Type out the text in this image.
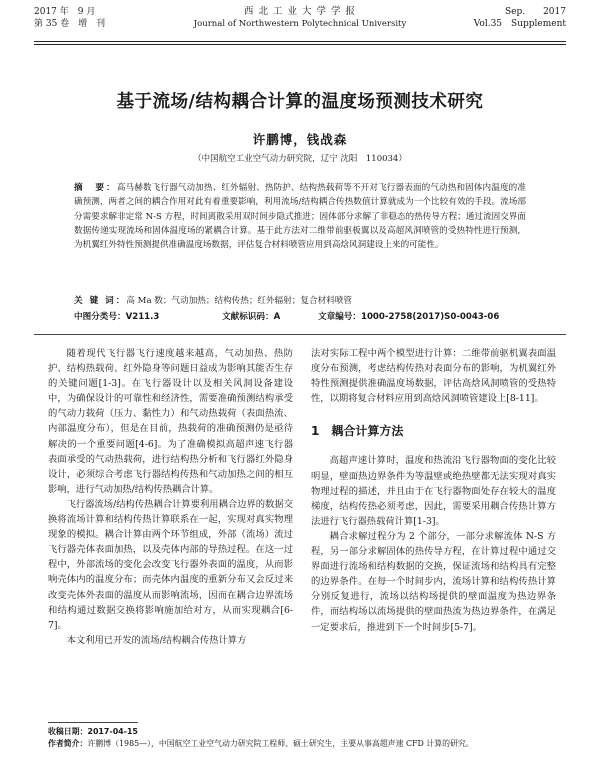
2017 年　9 月
第 35 卷　增　刊
西 北 工 业 大 学 学 报
Journal of Northwestern Polytechnical University
Sep.　　2017
Vol.35　Supplement
基于流场/结构耦合计算的温度场预测技术研究
许鹏博，钱战森
（中国航空工业空气动力研究院，辽宁 沈阳　110034）
摘　要：高马赫数飞行器气动加热、红外辐射、热防护、结构热载荷等不开对飞行器表面的气动热和固体内温度的准确预测，两者之间的耦合作用对此有着重要影响，利用流场/结构耦合传热数值计算就成为一个比较有效的手段。流场部分需要求解非定常 N-S 方程，时间离散采用双时间步隐式推进；固体部分求解了非稳态的热传导方程；通过流固交界面数据传递实现流场和固体温度场的紧耦合计算。基于此方法对二维带前驱板翼以及高超风洞喷管的受热特性进行预测，为机翼红外特性预测提供准确温度场数据，评估复合材料喷管应用到高焓风洞建设上来的可能性。
关 键 词：高 Ma 数；气动加热；结构传热；红外辐射；复合材料喷管
中图分类号：V211.3	文献标识码：A	文章编号：1000-2758(2017)S0-0043-06

随着现代飞行器飞行速度越来越高，气动加热、热防护、结构热载荷、红外隐身等问题日益成为影响其能否生存的关键问题[1-3]。在飞行器设计以及相关风洞设备建设中，为确保设计的可靠性和经济性，需要准确预测结构承受的气动力载荷（压力、黏性力）和气动热载荷（表面热流、内部温度分布），但是在目前，热载荷的准确预测仍是亟待解决的一个重要问题[4-6]。为了准确模拟高超声速飞行器表面承受的气动热载荷，进行结构热分析和飞行器红外隐身设计，必须综合考虑飞行器结构传热和气动加热之间的相互影响，进行气动加热/结构传热耦合计算。

飞行器流场/结构传热耦合计算要利用耦合边界的数据交换将流场计算和结构传热计算联系在一起，实现对真实物理现象的模拟。耦合计算由两个环节组成，外部（流场）流过飞行器壳体表面加热，以及壳体内部的导热过程。在这一过程中，外部流场的变化会改变飞行器外表面的温度，从而影响壳体内的温度分布；而壳体内温度的重新分布又会反过来改变壳体外表面的温度从而影响流场，因而在耦合边界流场和结构通过数据交换将影响施加给对方，从而实现耦合[6-7]。

本文利用已开发的流场/结构耦合传热计算方

法对实际工程中两个模型进行计算：二维带前驱机翼表面温度分布预测，考虑结构传热对表面分布的影响，为机翼红外特性预测提供准确温度场数据，评估高焓风洞喷管的受热特性，以期将复合材料应用到高焓风洞喷管建设上[8-11]。

1　耦合计算方法

高超声速计算时，温度和热流沿飞行器物面的变化比较明显，壁面热边界条件为等温壁或绝热壁都无法实现对真实物理过程的描述，并且由于在飞行器物面处存在较大的温度梯度，结构传热必须考虑，因此，需要采用耦合传热计算方法进行飞行器热载荷计算[1-3]。

耦合求解过程分为 2 个部分，一部分求解流体 N-S 方程，另一部分求解固体的热传导方程，在计算过程中通过交界面进行流场和结构数据的交换，保证流场和结构具有完整的边界条件。在每一个时间步内，流场计算和结构传热计算分别反复进行，流场以结构场提供的壁面温度为热边界条件，而结构场以流场提供的壁面热流为热边界条件，在满足一定要求后，推进到下一个时间步[5-7]。

收稿日期：2017-04-15
作者简介：许鹏博（1985—），中国航空工业空气动力研究院工程师、硕士研究生，主要从事高超声速 CFD 计算的研究。
